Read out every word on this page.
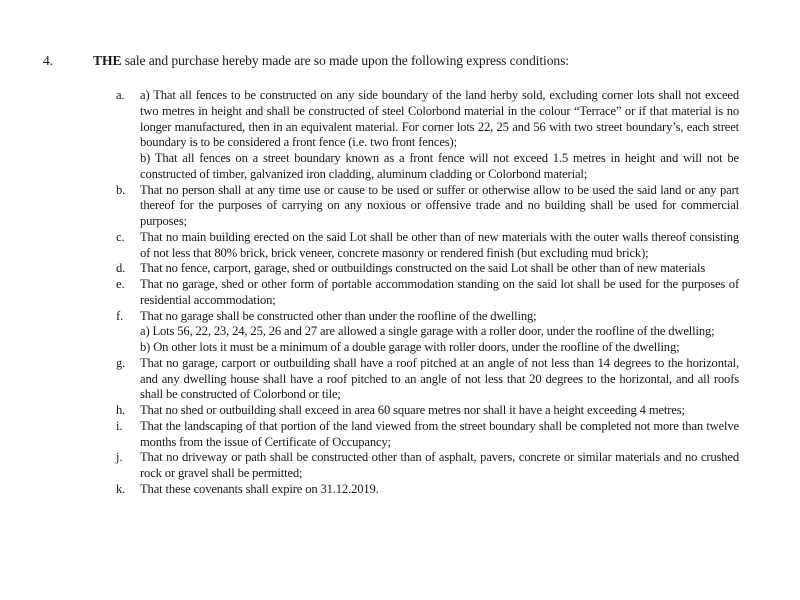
4.	THE sale and purchase hereby made are so made upon the following express conditions:
a.	a) That all fences to be constructed on any side boundary of the land herby sold, excluding corner lots shall not exceed two metres in height and shall be constructed of steel Colorbond material in the colour “Terrace” or if that material is no longer manufactured, then in an equivalent material. For corner lots 22, 25 and 56 with two street boundary’s, each street boundary is to be considered a front fence (i.e. two front fences);
b) That all fences on a street boundary known as a front fence will not exceed 1.5 metres in height and will not be constructed of timber, galvanized iron cladding, aluminum cladding or Colorbond material;
b.	That no person shall at any time use or cause to be used or suffer or otherwise allow to be used the said land or any part thereof for the purposes of carrying on any noxious or offensive trade and no building shall be used for commercial purposes;
c.	That no main building erected on the said Lot shall be other than of new materials with the outer walls thereof consisting of not less that 80% brick, brick veneer, concrete masonry or rendered finish (but excluding mud brick);
d.	That no fence, carport, garage, shed or outbuildings constructed on the said Lot shall be other than of new materials
e.	That no garage, shed or other form of portable accommodation standing on the said lot shall be used for the purposes of residential accommodation;
f.	That no garage shall be constructed other than under the roofline of the dwelling;
a) Lots 56, 22, 23, 24, 25, 26 and 27 are allowed a single garage with a roller door, under the roofline of the dwelling;
b) On other lots it must be a minimum of a double garage with roller doors, under the roofline of the dwelling;
g.	That no garage, carport or outbuilding shall have a roof pitched at an angle of not less than 14 degrees to the horizontal, and any dwelling house shall have a roof pitched to an angle of not less that 20 degrees to the horizontal, and all roofs shall be constructed of Colorbond or tile;
h.	That no shed or outbuilding shall exceed in area 60 square metres nor shall it have a height exceeding 4 metres;
i.	That the landscaping of that portion of the land viewed from the street boundary shall be completed not more than twelve months from the issue of Certificate of Occupancy;
j.	That no driveway or path shall be constructed other than of asphalt, pavers, concrete or similar materials and no crushed rock or gravel shall be permitted;
k.	That these covenants shall expire on 31.12.2019.
